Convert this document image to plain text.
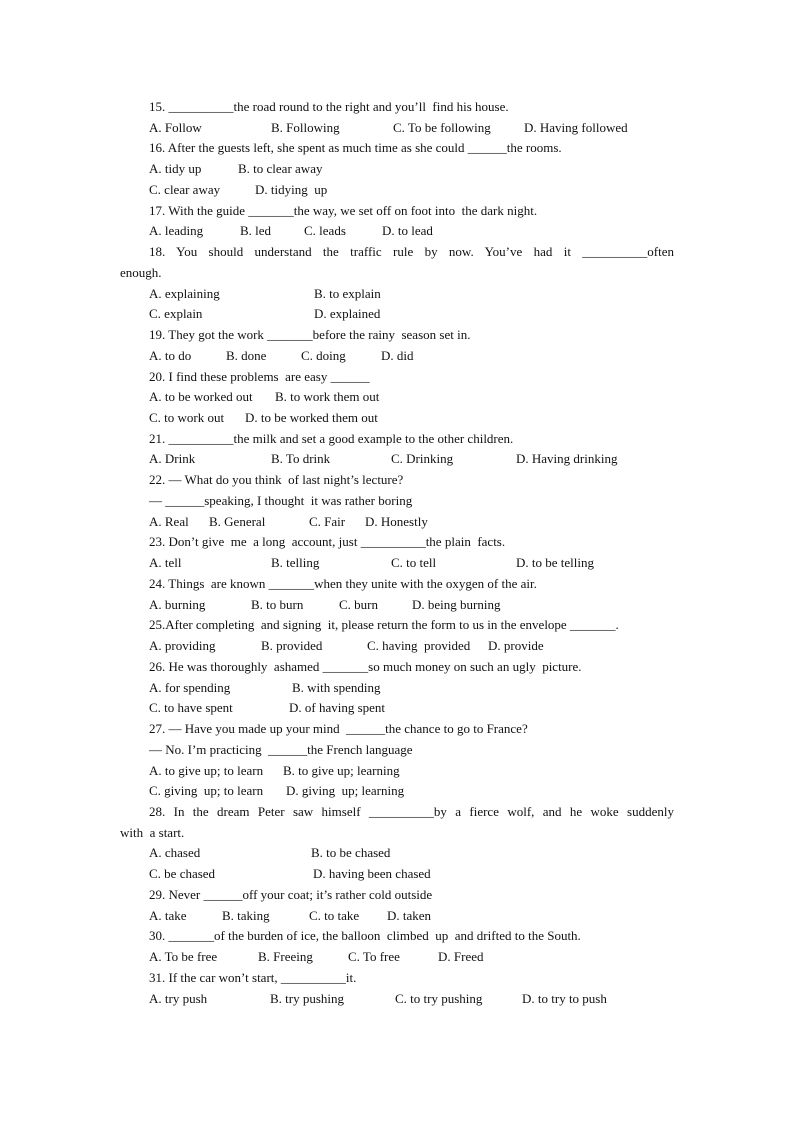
15. __________the road round to the right and you’ll  find his house.
A. Follow	B. Following	C. To be following	D. Having followed
16. After the guests left, she spent as much time as she could ______the rooms.
A. tidy up	B. to clear away
C. clear away	D. tidying  up
17. With the guide _______the way, we set off on foot into  the dark night.
A. leading	B. led	C. leads	D. to lead
18. You should understand the traffic rule by now. You’ve had it __________often
enough.
A. explaining	B. to explain
C. explain	D. explained
19. They got the work _______before the rainy  season set in.
A. to do	B. done	C. doing	D. did
20. I find these problems  are easy ______
A. to be worked out B. to work them out
C. to work out D. to be worked them out
21. __________the milk and set a good example to the other children.
A. Drink	B. To drink	C. Drinking	D. Having drinking
22. — What do you think  of last night’s lecture?
— ______speaking, I thought  it was rather boring
A. Real B. General	C. Fair D. Honestly
23. Don’t give  me  a long  account, just __________the plain  facts.
A. tell	B. telling	C. to tell	D. to be telling
24. Things  are known _______when they unite with the oxygen of the air.
A. burning	B. to burn	C. burn	D. being burning
25.After completing  and signing  it, please return the form to us in the envelope _______.
A. providing	B. provided	C. having  provided D. provide
26. He was thoroughly  ashamed _______so much money on such an ugly  picture.
A. for spending	B. with spending
C. to have spent	D. of having spent
27. — Have you made up your mind  ______the chance to go to France?
— No. I’m practicing  ______the French language
A. to give up; to learn B. to give up; learning
C. giving  up; to learn D. giving  up; learning
28. In the dream Peter saw himself __________by a fierce wolf, and he woke suddenly
with  a start.
A. chased	B. to be chased
C. be chased	D. having been chased
29. Never ______off your coat; it’s rather cold outside
A. take	B. taking	C. to take D. taken
30. _______of the burden of ice, the balloon  climbed  up  and drifted to the South.
A. To be free	B. Freeing	C. To free	D. Freed
31. If the car won’t start, __________it.
A. try push	B. try pushing	C. to try pushing	D. to try to push
